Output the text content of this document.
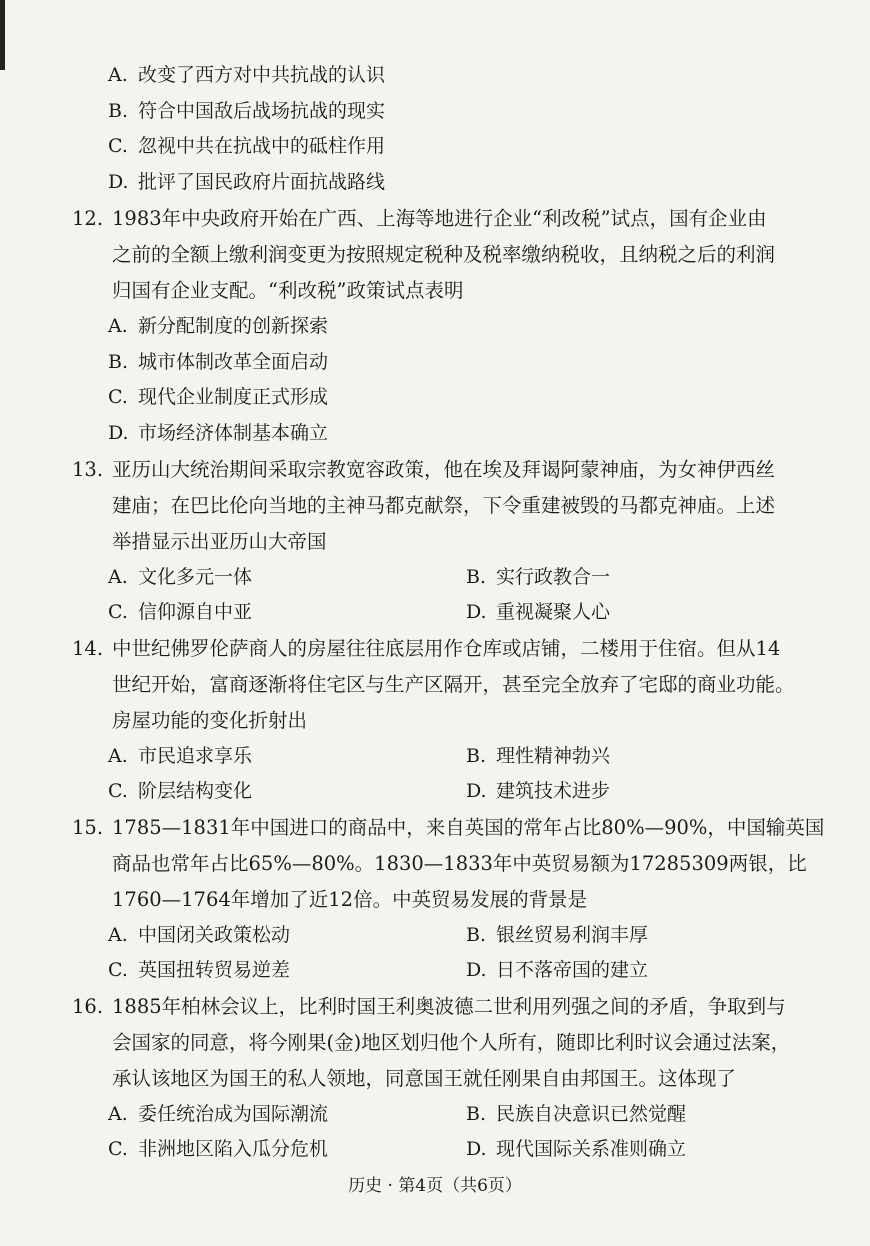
A. 改变了西方对中共抗战的认识
B. 符合中国敌后战场抗战的现实
C. 忽视中共在抗战中的砥柱作用
D. 批评了国民政府片面抗战路线
12. 1983年中央政府开始在广西、上海等地进行企业“利改税”试点，国有企业由
之前的全额上缴利润变更为按照规定税种及税率缴纳税收，且纳税之后的利润
归国有企业支配。“利改税”政策试点表明
A. 新分配制度的创新探索
B. 城市体制改革全面启动
C. 现代企业制度正式形成
D. 市场经济体制基本确立
13. 亚历山大统治期间采取宗教宽容政策，他在埃及拜谒阿蒙神庙，为女神伊西丝
建庙；在巴比伦向当地的主神马都克献祭，下令重建被毁的马都克神庙。上述
举措显示出亚历山大帝国
A. 文化多元一体	B. 实行政教合一
C. 信仰源自中亚	D. 重视凝聚人心
14. 中世纪佛罗伦萨商人的房屋往往底层用作仓库或店铺，二楼用于住宿。但从14
世纪开始，富商逐渐将住宅区与生产区隔开，甚至完全放弃了宅邸的商业功能。
房屋功能的变化折射出
A. 市民追求享乐	B. 理性精神勃兴
C. 阶层结构变化	D. 建筑技术进步
15. 1785—1831年中国进口的商品中，来自英国的常年占比80%—90%，中国输英国
商品也常年占比65%—80%。1830—1833年中英贸易额为17285309两银，比
1760—1764年增加了近12倍。中英贸易发展的背景是
A. 中国闭关政策松动	B. 银丝贸易利润丰厚
C. 英国扭转贸易逆差	D. 日不落帝国的建立
16. 1885年柏林会议上，比利时国王利奥波德二世利用列强之间的矛盾，争取到与
会国家的同意，将今刚果(金)地区划归他个人所有，随即比利时议会通过法案，
承认该地区为国王的私人领地，同意国王就任刚果自由邦国王。这体现了
A. 委任统治成为国际潮流	B. 民族自决意识已然觉醒
C. 非洲地区陷入瓜分危机	D. 现代国际关系准则确立
历史 · 第4页（共6页）
